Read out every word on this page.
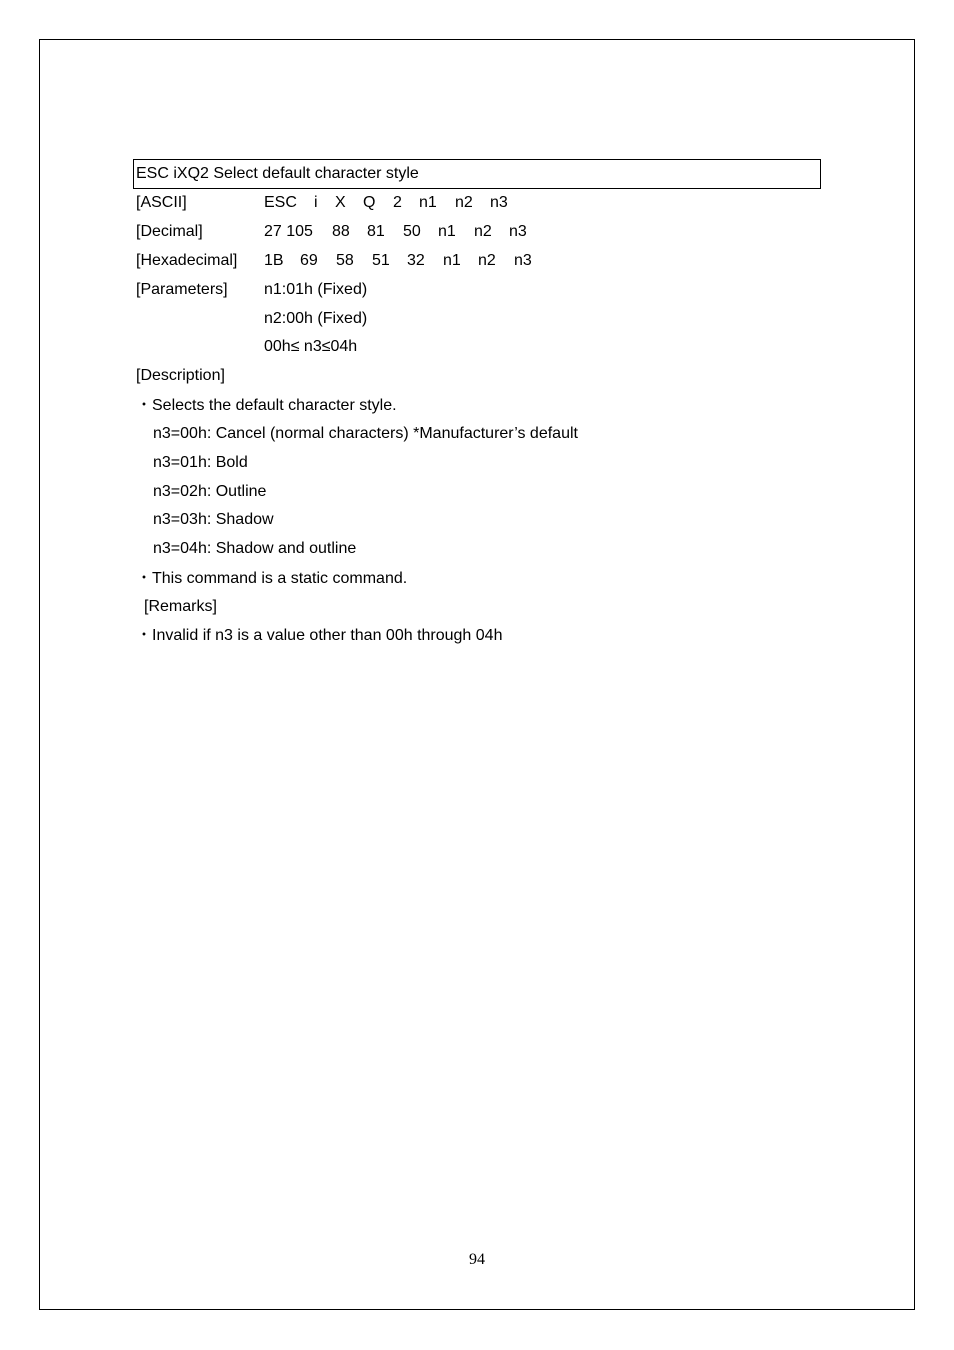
ESC iXQ2 Select default character style
[ASCII]	ESC i X Q 2 n1 n2 n3
[Decimal]	27 105 88 81 50 n1 n2 n3
[Hexadecimal] 1B 69 58 51 32 n1 n2 n3
[Parameters] n1:01h (Fixed)
n2:00h (Fixed)
00h≤ n3≤04h
[Description]
・Selects the default character style.
n3=00h: Cancel (normal characters) *Manufacturer’s default
n3=01h: Bold
n3=02h: Outline
n3=03h: Shadow
n3=04h: Shadow and outline
・This command is a static command.
[Remarks]
・Invalid if n3 is a value other than 00h through 04h
94
